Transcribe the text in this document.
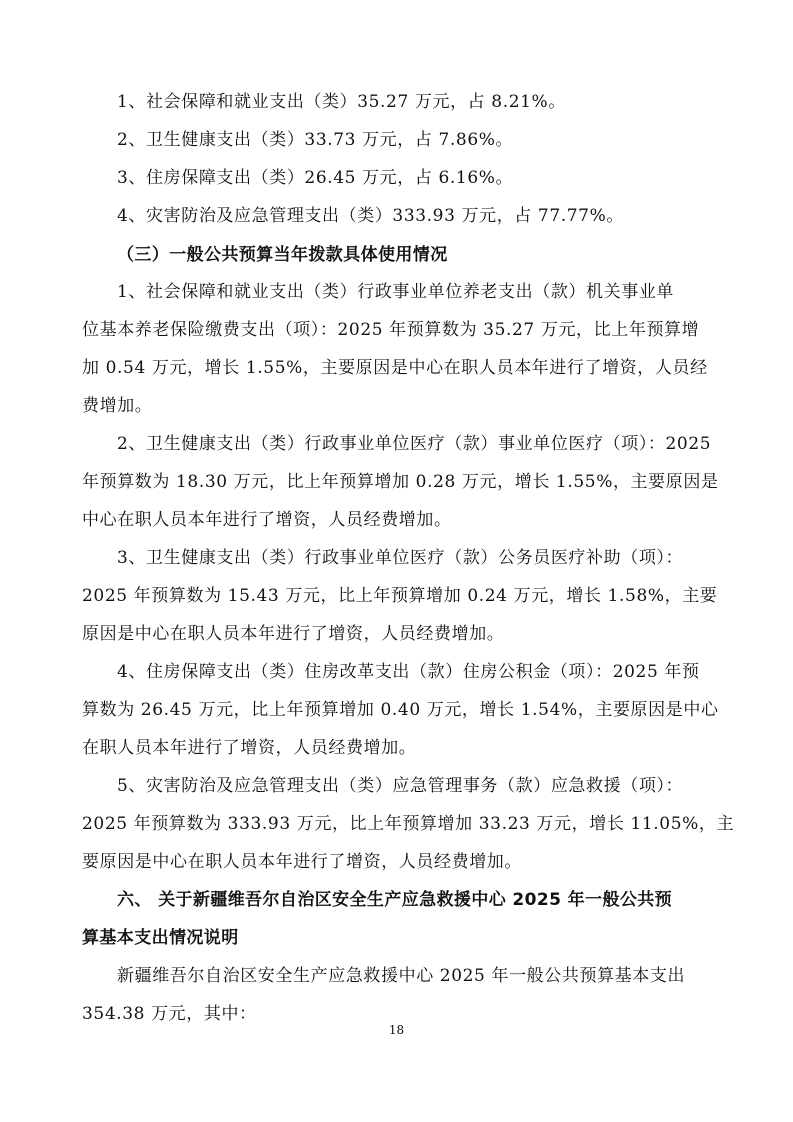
1、社会保障和就业支出（类）35.27 万元，占 8.21%。
2、卫生健康支出（类）33.73 万元，占 7.86%。
3、住房保障支出（类）26.45 万元，占 6.16%。
4、灾害防治及应急管理支出（类）333.93 万元，占 77.77%。
（三）一般公共预算当年拨款具体使用情况
1、社会保障和就业支出（类）行政事业单位养老支出（款）机关事业单
位基本养老保险缴费支出（项）：2025 年预算数为 35.27 万元，比上年预算增
加 0.54 万元，增长 1.55%，主要原因是中心在职人员本年进行了增资，人员经
费增加。
2、卫生健康支出（类）行政事业单位医疗（款）事业单位医疗（项）：2025
年预算数为 18.30 万元，比上年预算增加 0.28 万元，增长 1.55%，主要原因是
中心在职人员本年进行了增资，人员经费增加。
3、卫生健康支出（类）行政事业单位医疗（款）公务员医疗补助（项）：
2025 年预算数为 15.43 万元，比上年预算增加 0.24 万元，增长 1.58%，主要
原因是中心在职人员本年进行了增资，人员经费增加。
4、住房保障支出（类）住房改革支出（款）住房公积金（项）：2025 年预
算数为 26.45 万元，比上年预算增加 0.40 万元，增长 1.54%，主要原因是中心
在职人员本年进行了增资，人员经费增加。
5、灾害防治及应急管理支出（类）应急管理事务（款）应急救援（项）：
2025 年预算数为 333.93 万元，比上年预算增加 33.23 万元，增长 11.05%，主
要原因是中心在职人员本年进行了增资，人员经费增加。
六、 关于新疆维吾尔自治区安全生产应急救援中心 2025 年一般公共预
算基本支出情况说明
新疆维吾尔自治区安全生产应急救援中心 2025 年一般公共预算基本支出
354.38 万元，其中：
18
